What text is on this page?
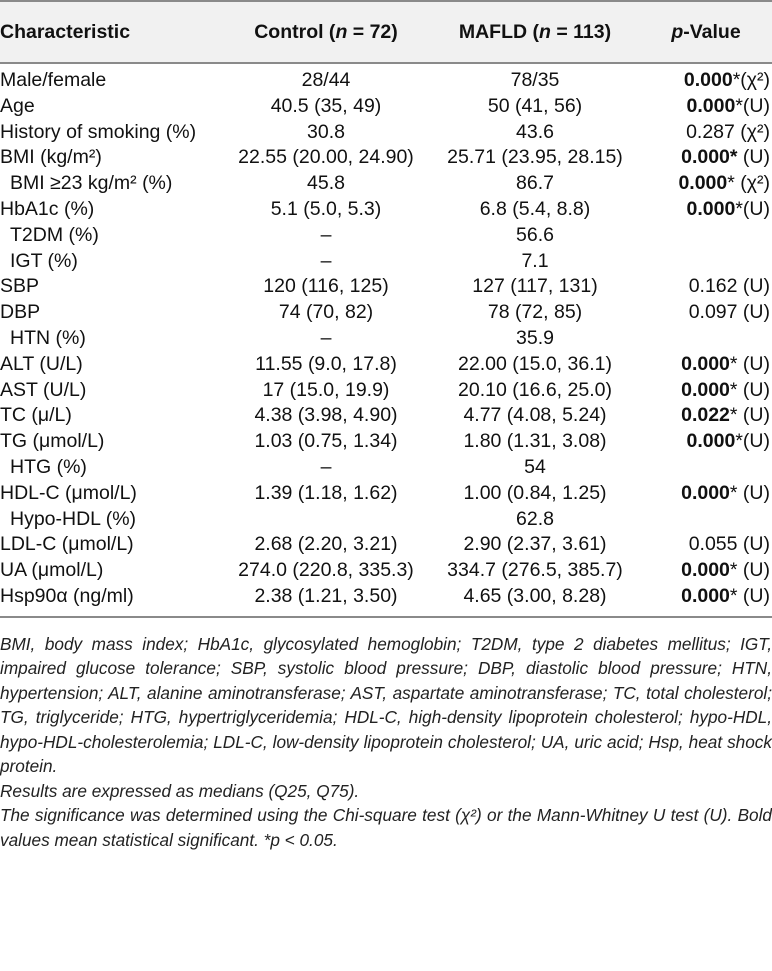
Characteristic	Control (n = 72)	MAFLD (n = 113)	p-Value
Male/female	28/44	78/35	0.000*(χ²)
Age	40.5 (35, 49)	50 (41, 56)	0.000*(U)
History of smoking (%)	30.8	43.6	0.287 (χ²)
BMI (kg/m²)	22.55 (20.00, 24.90)	25.71 (23.95, 28.15)	0.000* (U)
BMI ≥23 kg/m² (%)	45.8	86.7	0.000* (χ²)
HbA1c (%)	5.1 (5.0, 5.3)	6.8 (5.4, 8.8)	0.000*(U)
T2DM (%)	–	56.6	
IGT (%)	–	7.1	
SBP	120 (116, 125)	127 (117, 131)	0.162 (U)
DBP	74 (70, 82)	78 (72, 85)	0.097 (U)
HTN (%)	–	35.9	
ALT (U/L)	11.55 (9.0, 17.8)	22.00 (15.0, 36.1)	0.000* (U)
AST (U/L)	17 (15.0, 19.9)	20.10 (16.6, 25.0)	0.000* (U)
TC (μ/L)	4.38 (3.98, 4.90)	4.77 (4.08, 5.24)	0.022* (U)
TG (μmol/L)	1.03 (0.75, 1.34)	1.80 (1.31, 3.08)	0.000*(U)
HTG (%)	–	54	
HDL-C (μmol/L)	1.39 (1.18, 1.62)	1.00 (0.84, 1.25)	0.000* (U)
Hypo-HDL (%)		62.8	
LDL-C (μmol/L)	2.68 (2.20, 3.21)	2.90 (2.37, 3.61)	0.055 (U)
UA (μmol/L)	274.0 (220.8, 335.3)	334.7 (276.5, 385.7)	0.000* (U)
Hsp90α (ng/ml)	2.38 (1.21, 3.50)	4.65 (3.00, 8.28)	0.000* (U)

BMI, body mass index; HbA1c, glycosylated hemoglobin; T2DM, type 2 diabetes mellitus; IGT, impaired glucose tolerance; SBP, systolic blood pressure; DBP, diastolic blood pressure; HTN, hypertension; ALT, alanine aminotransferase; AST, aspartate aminotransferase; TC, total cholesterol; TG, triglyceride; HTG, hypertriglyceridemia; HDL-C, high-density lipoprotein cholesterol; hypo-HDL, hypo-HDL-cholesterolemia; LDL-C, low-density lipoprotein cholesterol; UA, uric acid; Hsp, heat shock protein.

Results are expressed as medians (Q25, Q75).

The significance was determined using the Chi-square test (χ²) or the Mann-Whitney U test (U). Bold values mean statistical significant. *p < 0.05.
